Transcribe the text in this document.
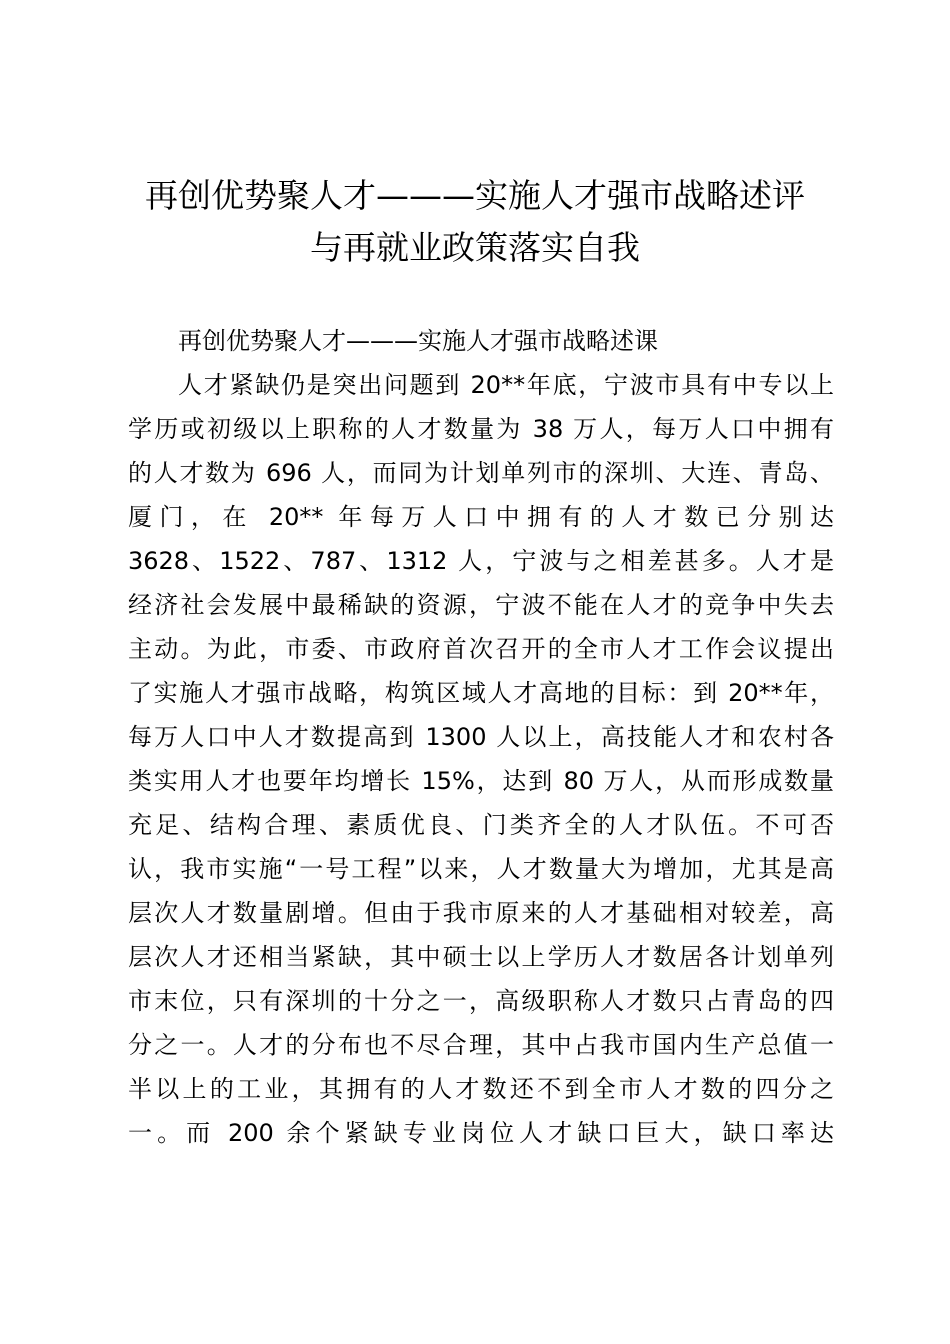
再创优势聚人才———实施人才强市战略述评
与再就业政策落实自我

再创优势聚人才———实施人才强市战略述课

人才紧缺仍是突出问题到 20**年底，宁波市具有中专以上

学历或初级以上职称的人才数量为 38 万人，每万人口中拥有

的人才数为 696 人，而同为计划单列市的深圳、大连、青岛、

厦门，在 20** 年每万人口中拥有的人才数已分别达

3628、1522、787、1312 人，宁波与之相差甚多。人才是

经济社会发展中最稀缺的资源，宁波不能在人才的竞争中失去

主动。为此，市委、市政府首次召开的全市人才工作会议提出

了实施人才强市战略，构筑区域人才高地的目标：到 20**年，

每万人口中人才数提高到 1300 人以上，高技能人才和农村各

类实用人才也要年均增长 15%，达到 80 万人，从而形成数量

充足、结构合理、素质优良、门类齐全的人才队伍。不可否

认，我市实施“一号工程”以来，人才数量大为增加，尤其是高

层次人才数量剧增。但由于我市原来的人才基础相对较差，高

层次人才还相当紧缺，其中硕士以上学历人才数居各计划单列

市末位，只有深圳的十分之一，高级职称人才数只占青岛的四

分之一。人才的分布也不尽合理，其中占我市国内生产总值一

半以上的工业，其拥有的人才数还不到全市人才数的四分之

一。而 200 余个紧缺专业岗位人才缺口巨大，缺口率达
